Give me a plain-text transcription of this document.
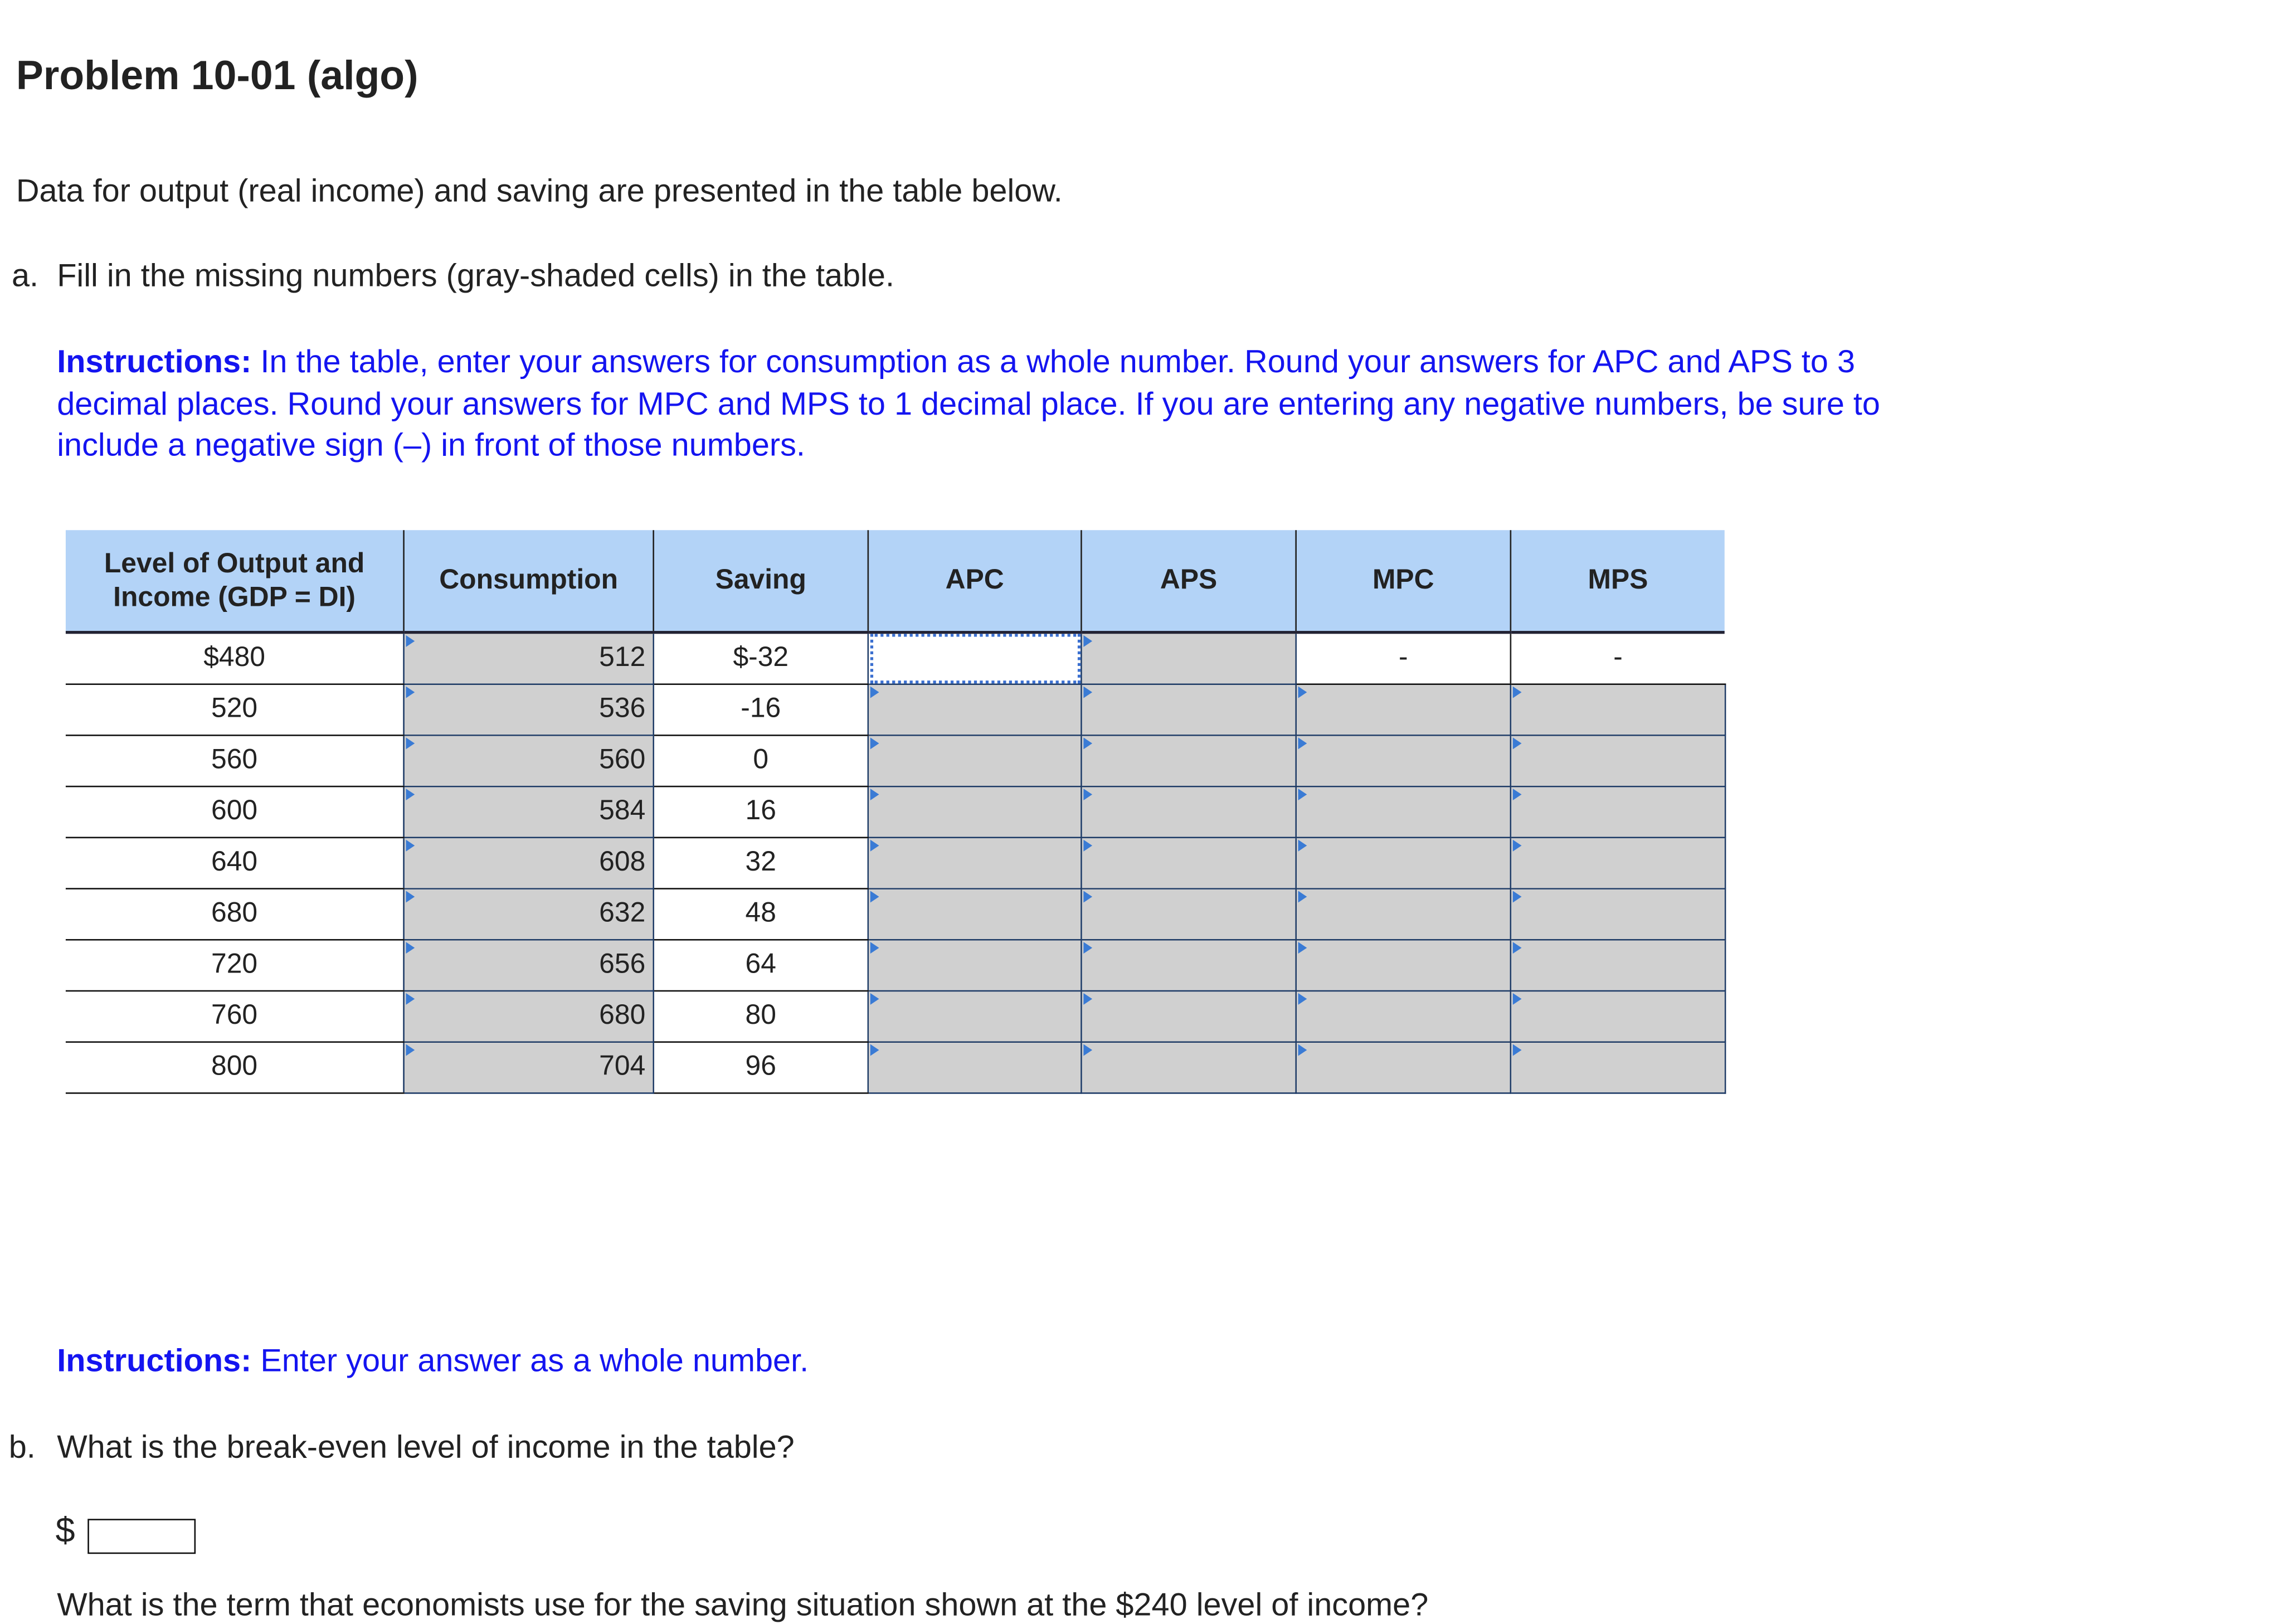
Problem 10-01 (algo)
Data for output (real income) and saving are presented in the table below.
a. Fill in the missing numbers (gray-shaded cells) in the table.
Instructions: In the table, enter your answers for consumption as a whole number. Round your answers for APC and APS to 3
decimal places. Round your answers for MPC and MPS to 1 decimal place. If you are entering any negative numbers, be sure to
include a negative sign (–) in front of those numbers.
Level of Output and
Income (GDP = DI)	Consumption	Saving	APC	APS	MPC	MPS
$480	512	$-32			-	-
520	536	-16				
560	560	0				
600	584	16				
640	608	32				
680	632	48				
720	656	64				
760	680	80				
800	704	96				
Instructions: Enter your answer as a whole number.
b. What is the break-even level of income in the table?
$
What is the term that economists use for the saving situation shown at the $240 level of income?
